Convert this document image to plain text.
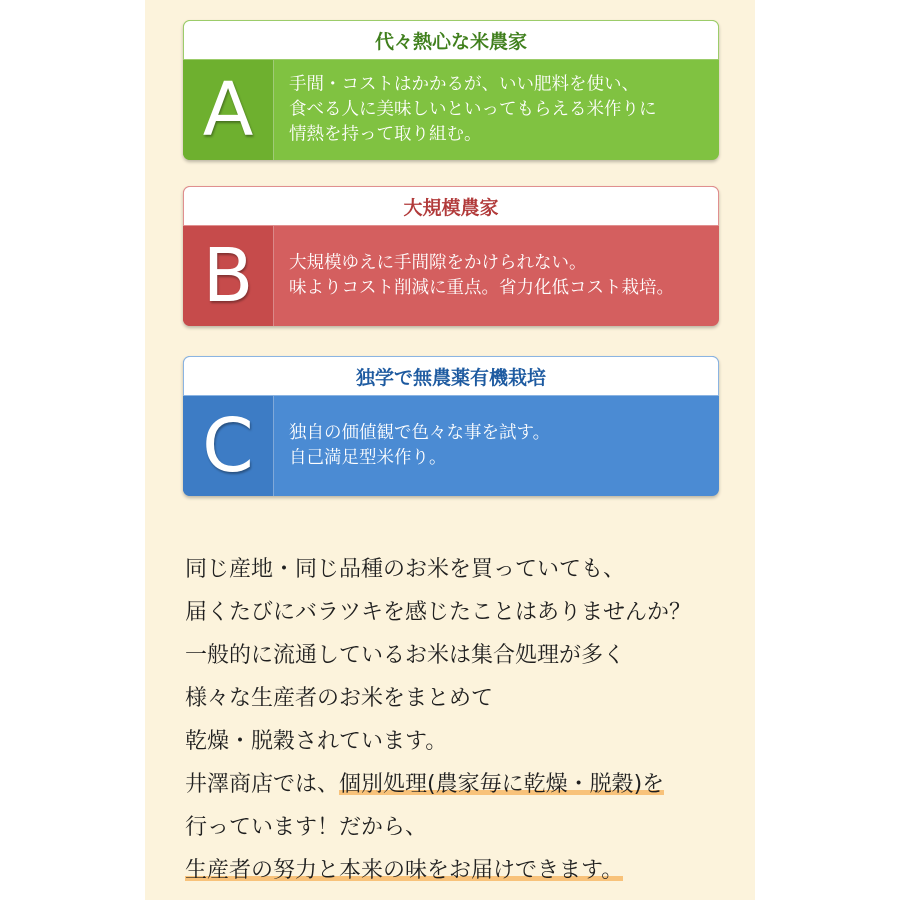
代々熱心な米農家
A	手間・コストはかかるが、いい肥料を使い、
食べる人に美味しいといってもらえる米作りに
情熱を持って取り組む。
大規模農家
B	大規模ゆえに手間隙をかけられない。
味よりコスト削減に重点。省力化低コスト栽培。
独学で無農薬有機栽培
C	独自の価値観で色々な事を試す。
自己満足型米作り。
同じ産地・同じ品種のお米を買っていても、
届くたびにバラツキを感じたことはありませんか？
一般的に流通しているお米は集合処理が多く
様々な生産者のお米をまとめて
乾燥・脱穀されています。
井澤商店では、個別処理(農家毎に乾燥・脱穀)を
行っています！だから、
生産者の努力と本来の味をお届けできます。
